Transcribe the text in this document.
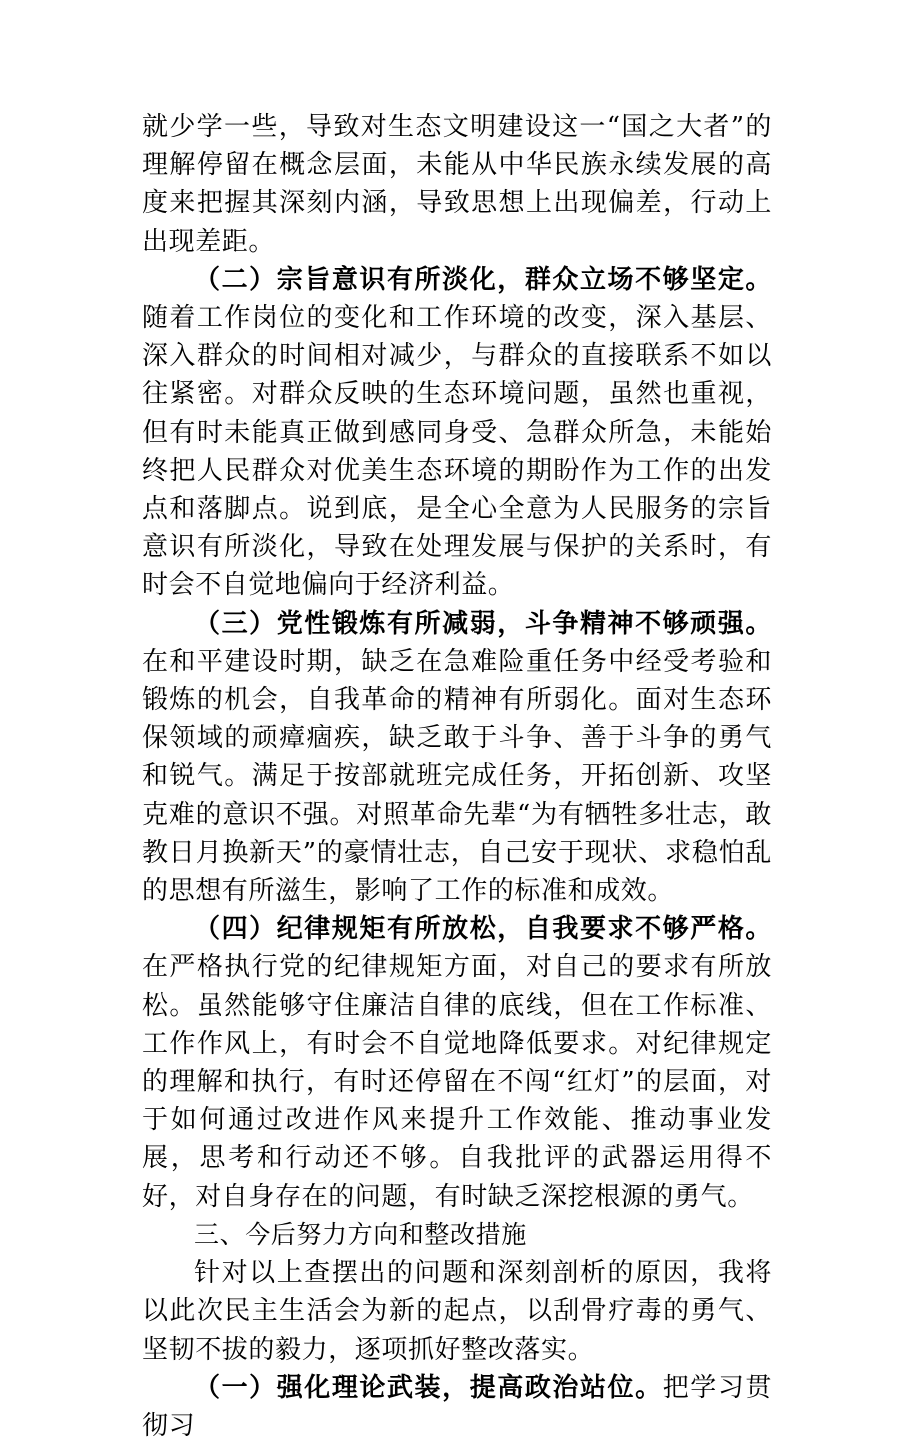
就少学一些，导致对生态文明建设这一“国之大者”的理解停留在概念层面，未能从中华民族永续发展的高度来把握其深刻内涵，导致思想上出现偏差，行动上出现差距。

（二）宗旨意识有所淡化，群众立场不够坚定。随着工作岗位的变化和工作环境的改变，深入基层、深入群众的时间相对减少，与群众的直接联系不如以往紧密。对群众反映的生态环境问题，虽然也重视，但有时未能真正做到感同身受、急群众所急，未能始终把人民群众对优美生态环境的期盼作为工作的出发点和落脚点。说到底，是全心全意为人民服务的宗旨意识有所淡化，导致在处理发展与保护的关系时，有时会不自觉地偏向于经济利益。

（三）党性锻炼有所减弱，斗争精神不够顽强。在和平建设时期，缺乏在急难险重任务中经受考验和锻炼的机会，自我革命的精神有所弱化。面对生态环保领域的顽瘴痼疾，缺乏敢于斗争、善于斗争的勇气和锐气。满足于按部就班完成任务，开拓创新、攻坚克难的意识不强。对照革命先辈“为有牺牲多壮志，敢教日月换新天”的豪情壮志，自己安于现状、求稳怕乱的思想有所滋生，影响了工作的标准和成效。

（四）纪律规矩有所放松，自我要求不够严格。在严格执行党的纪律规矩方面，对自己的要求有所放松。虽然能够守住廉洁自律的底线，但在工作标准、工作作风上，有时会不自觉地降低要求。对纪律规定的理解和执行，有时还停留在不闯“红灯”的层面，对于如何通过改进作风来提升工作效能、推动事业发展，思考和行动还不够。自我批评的武器运用得不好，对自身存在的问题，有时缺乏深挖根源的勇气。

三、今后努力方向和整改措施

针对以上查摆出的问题和深刻剖析的原因，我将以此次民主生活会为新的起点，以刮骨疗毒的勇气、坚韧不拔的毅力，逐项抓好整改落实。

（一）强化理论武装，提高政治站位。把学习贯彻习
